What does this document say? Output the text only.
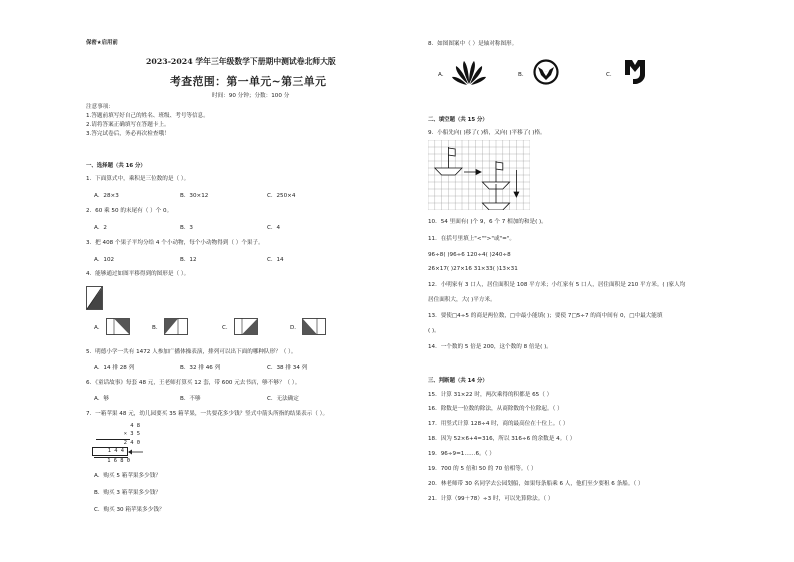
保密★启用前
2023-2024 学年三年级数学下册期中测试卷北师大版
考查范围：第一单元~第三单元
时间：90 分钟；分数：100 分
注意事项：
1.答题前填写好自己的姓名、班级、考号等信息。
2.请将答案正确填写在答题卡上。
3.答完试卷后，务必再次检查哦！
一、选择题（共 16 分）
1．下面算式中，乘积是三位数的是（ ）。
A．28×3	B．30×12	C．250×4
2．60 乘 50 的末尾有（ ）个 0。
A．2	B．3	C．4
3．把 408 个果子平均分给 4 个小动物，每个小动物得到（ ）个果子。
A．102	B．12	C．14
4．能够通过如图平移得到的图形是（ ）。
A．	B．	C．	D．
5．明德小学一共有 1472 人参加广播体操表演，排列可以出下面的哪种队形？（ ）。
A．14 排 28 列	B．32 排 46 列	C．38 排 34 列
6．《童话故事》每套 48 元，王老师打算买 12 套，带 600 元去书店，够不够？（ ）。
A．够	B．不够	C．无法确定
7．一箱苹果 48 元，幼儿园要买 35 箱苹果，一共要花多少钱？竖式中箭头所指的结果表示（ ）。
4 8
× 3 5
2 4 0
1 4 4
1 6 8 0
A．购买 5 箱苹果多少钱？
B．购买 3 箱苹果多少钱？
C．购买 30 箱苹果多少钱？
8．如图图案中（ ）是轴对称图形。
A．	B．	C．
二、填空题（共 15 分）
9．小船先向( )移了( )格，又向( )平移了( )格。
10．54 里面有( )个 9，6 个 7 相加的和是( )。
11．在括号里填上"<"">"或"="。
96÷8( )96÷6 120÷4( )240÷8
26×17( )27×16 31×33( )13×31
12．小明家有 3 口人，居住面积是 108 平方米；小红家有 5 口人，居住面积是 210 平方米。( )家人均
居住面积大，大( )平方米。
13．要使□4÷5 的商是两位数，□中最小能填( )；要使 7□5÷7 的商中间有 0，□中最大能填
( )。
14．一个数的 5 倍是 200，这个数的 8 倍是( )。
三、判断题（共 14 分）
15．计算 31×22 时，两次乘得的积都是 65（ ）
16．除数是一位数的除法，从商除数的个位除起。（ ）
17．用竖式计算 128÷4 时，商的最高位在十位上。（ ）
18．因为 52×6+4=316，所以 316÷6 的余数是 4。（ ）
19．96÷9=1……6。（ ）
19．700 的 5 倍和 50 的 70 倍相等。（ ）
20．林老师带 30 名同学去公园划船，如果每条船乘 6 人，他们至少要租 6 条船。（ ）
21．计算（99＋78）÷3 时，可以先算除法。（ ）
